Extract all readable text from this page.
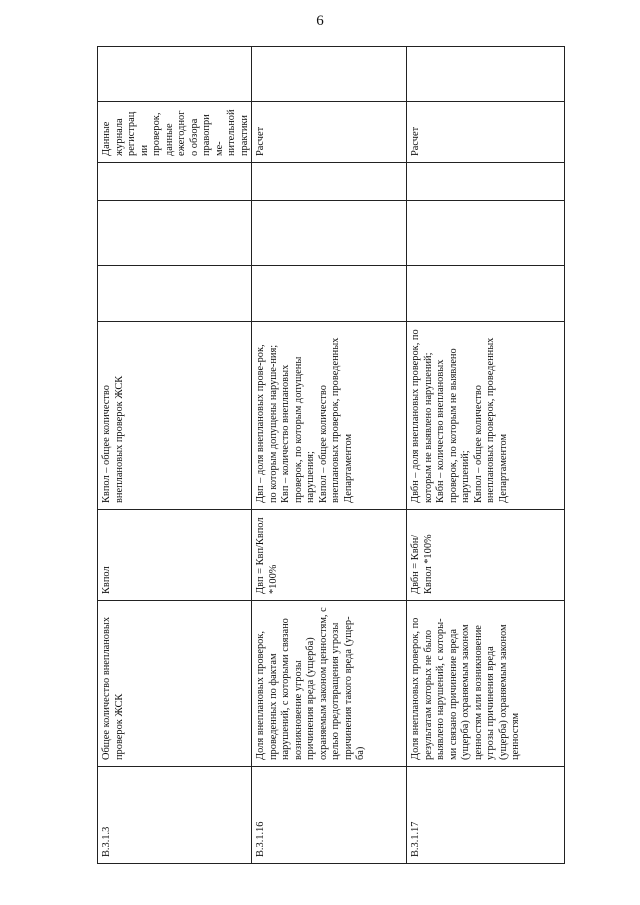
6
В.3.1.3
Общее количество внеплановых проверок ЖСК
Квпол
Квпол – общее количество внеплановых проверок ЖСК
Данные журнала регистрации проверок, данные ежегодного обзора правоприме-нительной практики
В.3.1.16
Доля внеплановых проверок, проведенных по фактам нарушений, с которыми связано возникновение угрозы причинения вреда (ущерба) охраняемым законом ценностям, с целью предотвращения угрозы причинения такого вреда (ущер-ба)
Двп = Квп/Квпол *100%
Двп – доля внеплановых прове-рок,
по которым допущены наруше-ния;
Квп – количество внеплановых проверок, по которым допущены нарушения;
Квпол – общее количество внеплановых проверок, проведенных Департаментом
Расчет
В.3.1.17
Доля внеплановых проверок, по результатам которых не было выявлено нарушений, с которы-ми связано причинение вреда (ущерба) охраняемым законом ценностям или возникновение угрозы причинения вреда (ущерба) охраняемым законом ценностям
Двбн = Квбн/Квпол *100%
Двбн – доля внеплановых проверок, по которым не выявлено нарушений;
Квбн – количество внеплановых проверок, по которым не выявлено нарушений;
Квпол – общее количество внеплановых проверок, проведенных Департаментом
Расчет
